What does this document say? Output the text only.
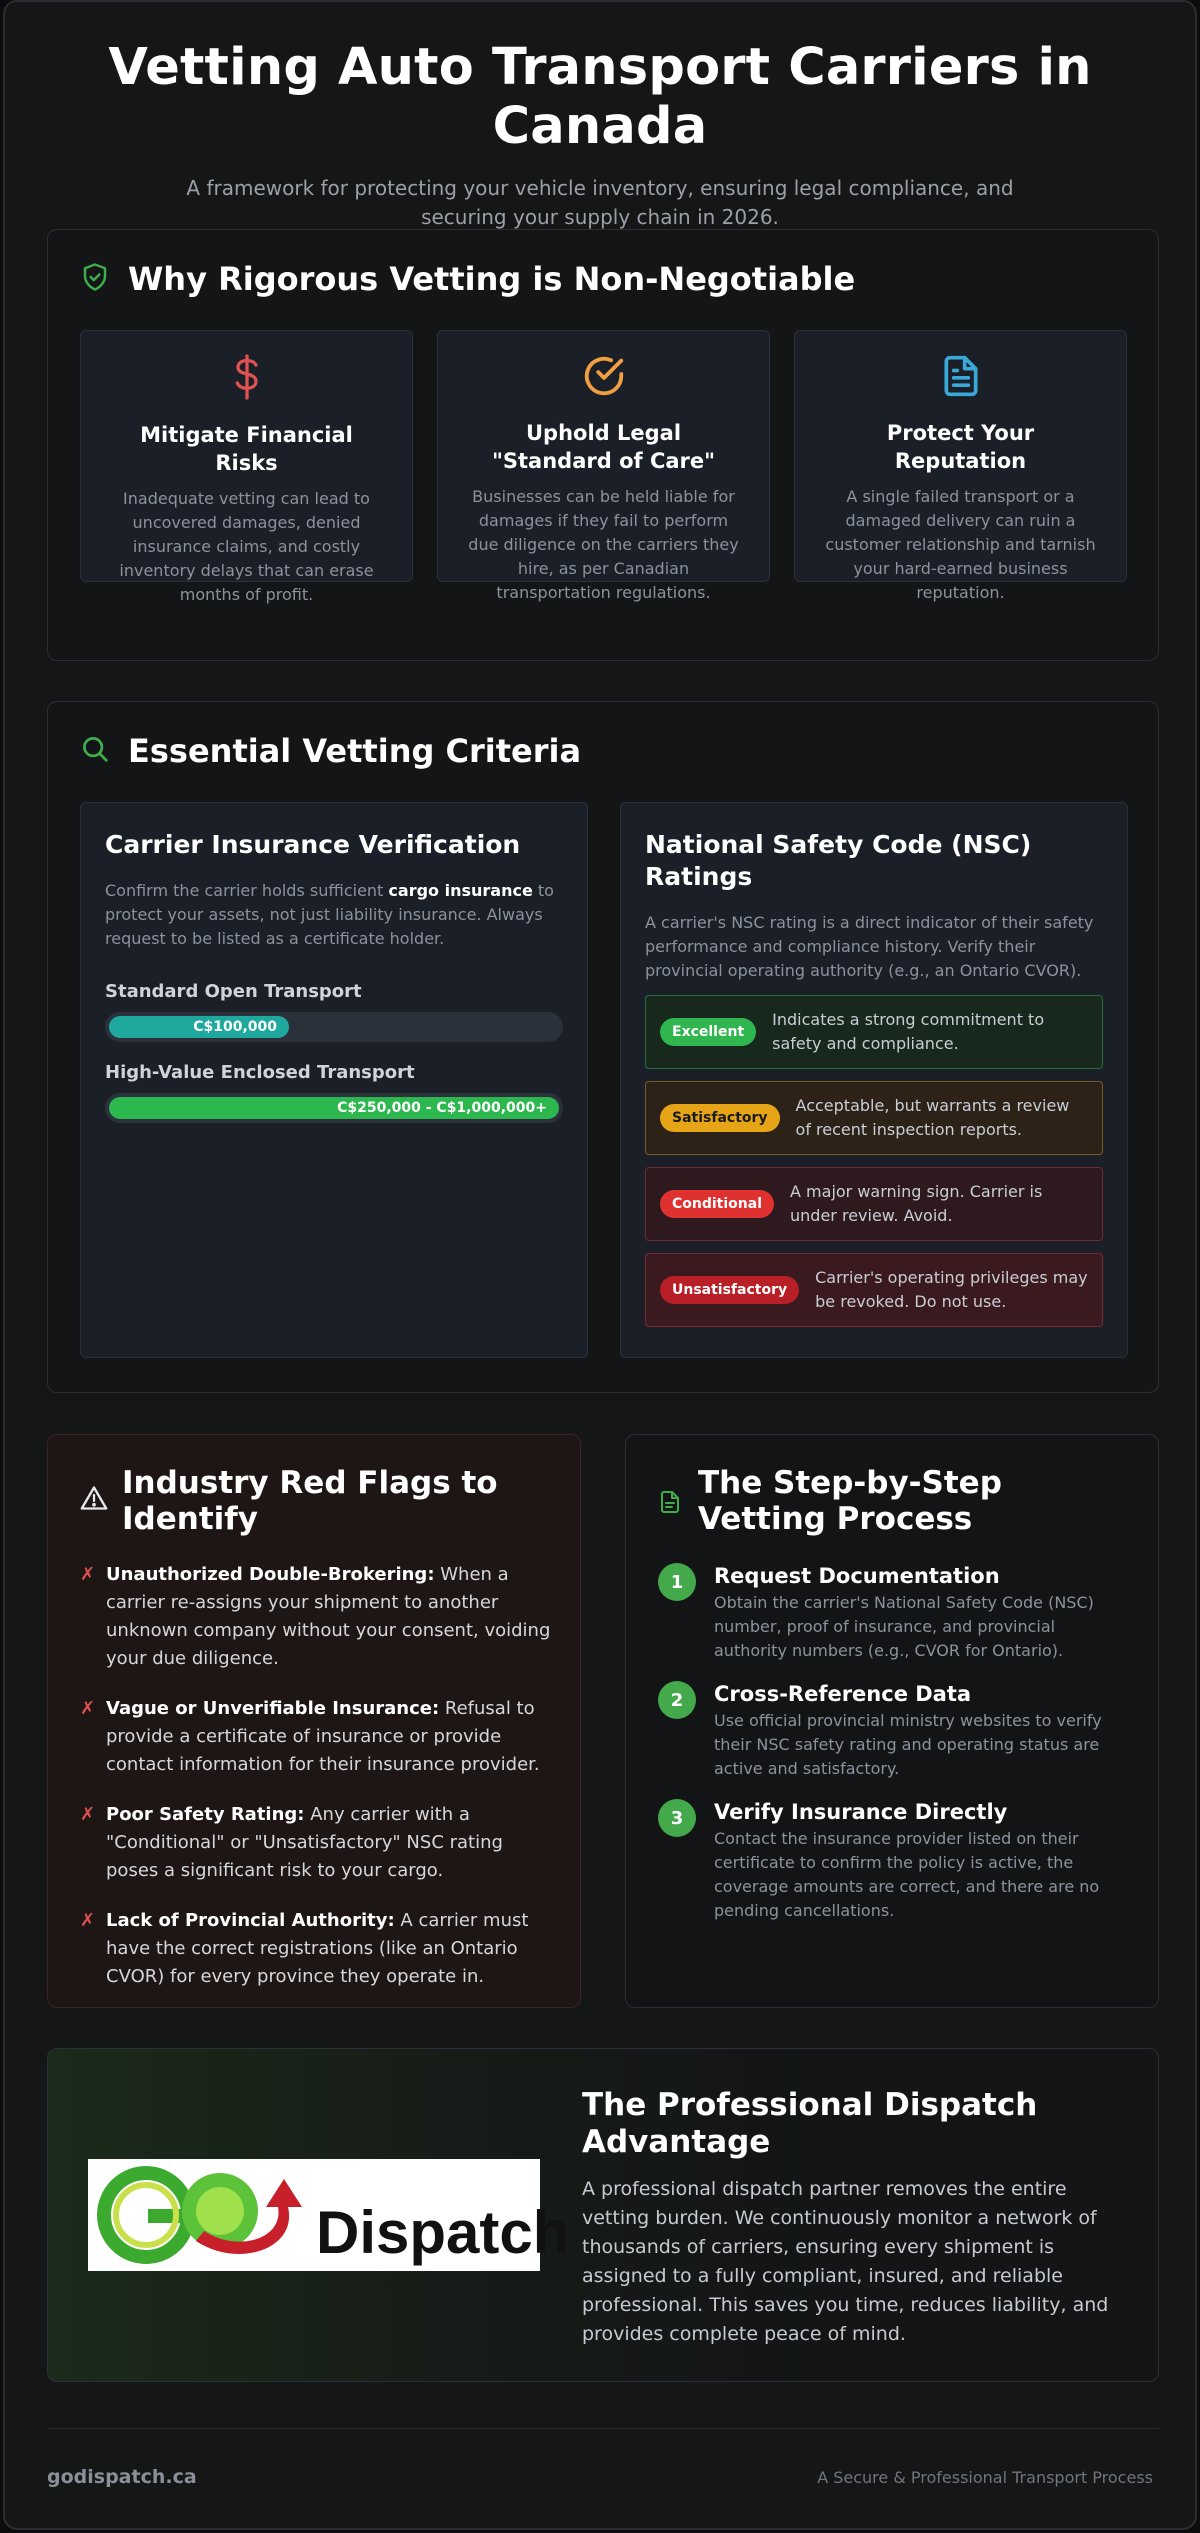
Vetting Auto Transport Carriers in Canada

A framework for protecting your vehicle inventory, ensuring legal compliance, and securing your supply chain in 2026.

Why Rigorous Vetting is Non-Negotiable
Mitigate Financial Risks

Inadequate vetting can lead to uncovered damages, denied insurance claims, and costly inventory delays that can erase months of profit.

Uphold Legal "Standard of Care"

Businesses can be held liable for damages if they fail to perform due diligence on the carriers they hire, as per Canadian transportation regulations.

Protect Your Reputation

A single failed transport or a damaged delivery can ruin a customer relationship and tarnish your hard-earned business reputation.

Essential Vetting Criteria
Carrier Insurance Verification

Confirm the carrier holds sufficient cargo insurance to protect your assets, not just liability insurance. Always request to be listed as a certificate holder.

Standard Open Transport
C$100,000
High-Value Enclosed Transport
C$250,000 - C$1,000,000+
National Safety Code (NSC) Ratings

A carrier's NSC rating is a direct indicator of their safety performance and compliance history. Verify their provincial operating authority (e.g., an Ontario CVOR).

Excellent
Indicates a strong commitment to safety and compliance.
Satisfactory
Acceptable, but warrants a review of recent inspection reports.
Conditional
A major warning sign. Carrier is under review. Avoid.
Unsatisfactory
Carrier's operating privileges may be revoked. Do not use.
Industry Red Flags to Identify
✗ Unauthorized Double-Brokering: When a carrier re-assigns your shipment to another unknown company without your consent, voiding your due diligence.
✗ Vague or Unverifiable Insurance: Refusal to provide a certificate of insurance or provide contact information for their insurance provider.
✗ Poor Safety Rating: Any carrier with a "Conditional" or "Unsatisfactory" NSC rating poses a significant risk to your cargo.
✗ Lack of Provincial Authority: A carrier must have the correct registrations (like an Ontario CVOR) for every province they operate in.
The Step-by-Step Vetting Process
1	Request Documentation

Obtain the carrier's National Safety Code (NSC) number, proof of insurance, and provincial authority numbers (e.g., CVOR for Ontario).

2	Cross-Reference Data

Use official provincial ministry websites to verify their NSC safety rating and operating status are active and satisfactory.

3	Verify Insurance Directly

Contact the insurance provider listed on their certificate to confirm the policy is active, the coverage amounts are correct, and there are no pending cancellations.

Dispatch
The Professional Dispatch Advantage

A professional dispatch partner removes the entire vetting burden. We continuously monitor a network of thousands of carriers, ensuring every shipment is assigned to a fully compliant, insured, and reliable professional. This saves you time, reduces liability, and provides complete peace of mind.

godispatch.ca	A Secure & Professional Transport Process
